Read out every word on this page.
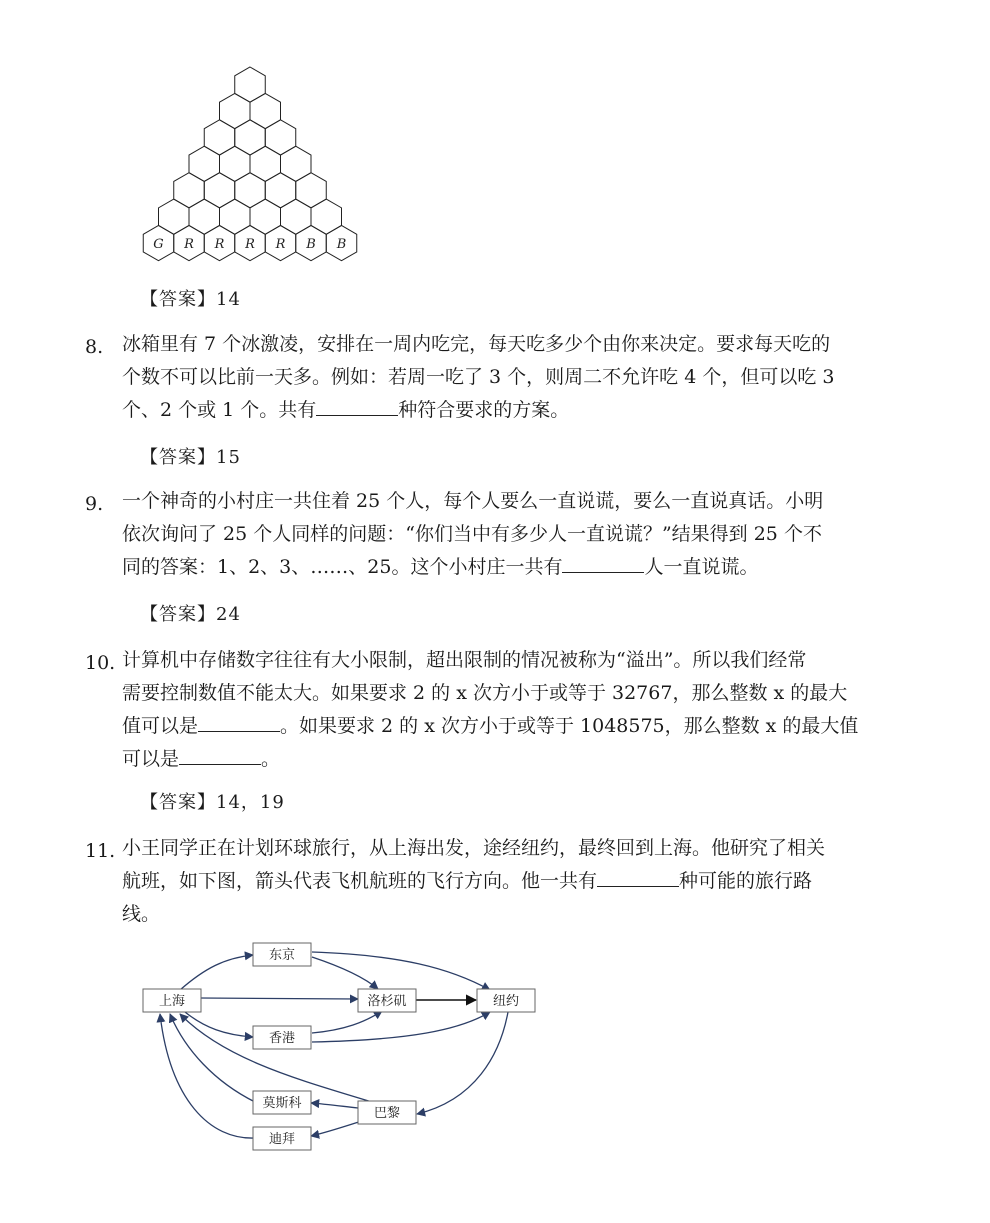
G R R R R B B
【答案】14
8. 冰箱里有 7 个冰激凌，安排在一周内吃完，每天吃多少个由你来决定。要求每天吃的
个数不可以比前一天多。例如：若周一吃了 3 个，则周二不允许吃 4 个，但可以吃 3
个、2 个或 1 个。共有	种符合要求的方案。
【答案】15
9. 一个神奇的小村庄一共住着 25 个人，每个人要么一直说谎，要么一直说真话。小明
依次询问了 25 个人同样的问题：“你们当中有多少人一直说谎？”结果得到 25 个不
同的答案：1、2、3、……、25。这个小村庄一共有	人一直说谎。
【答案】24
10. 计算机中存储数字往往有大小限制，超出限制的情况被称为“溢出”。所以我们经常
需要控制数值不能太大。如果要求 2 的 x 次方小于或等于 32767，那么整数 x 的最大
值可以是	。如果要求 2 的 x 次方小于或等于 1048575，那么整数 x 的最大值
可以是	。
【答案】14，19
11. 小王同学正在计划环球旅行，从上海出发，途经纽约，最终回到上海。他研究了相关
航班，如下图，箭头代表飞机航班的飞行方向。他一共有	种可能的旅行路
线。
上海
东京
洛杉矶
香港
纽约
莫斯科
巴黎
迪拜
